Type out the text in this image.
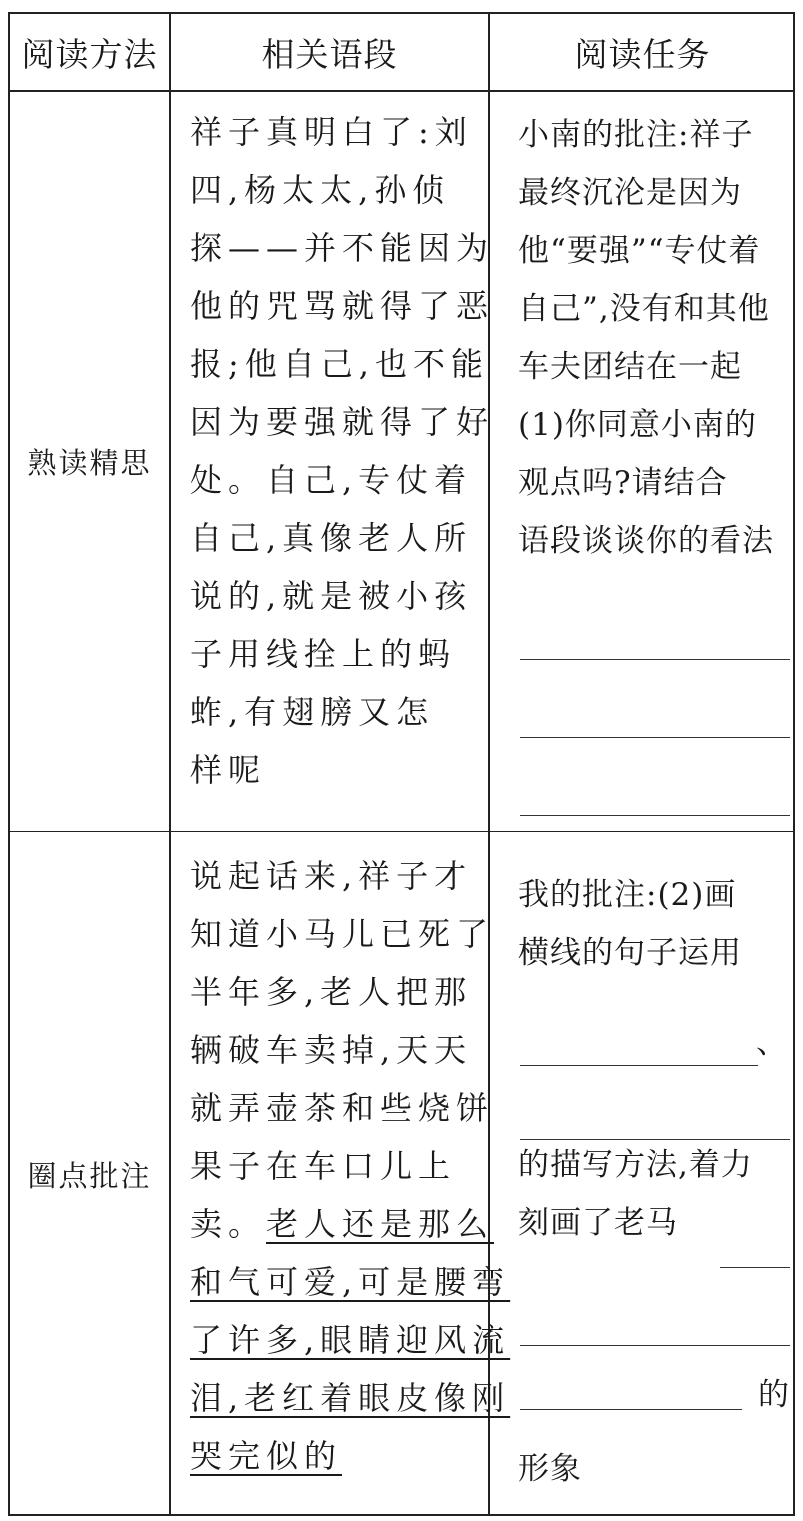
阅读方法	相关语段	阅读任务
熟读精思
祥子真明白了:刘
四,杨太太,孙侦
探——并不能因为
他的咒骂就得了恶
报;他自己,也不能
因为要强就得了好
处。自己,专仗着
自己,真像老人所
说的,就是被小孩
子用线拴上的蚂
蚱,有翅膀又怎
样呢
小南的批注:祥子
最终沉沦是因为
他“要强”“专仗着
自己”,没有和其他
车夫团结在一起
(1)你同意小南的
观点吗?请结合
语段谈谈你的看法
圈点批注
说起话来,祥子才
知道小马儿已死了
半年多,老人把那
辆破车卖掉,天天
就弄壶茶和些烧饼
果子在车口儿上
卖。老人还是那么
和气可爱,可是腰弯
了许多,眼睛迎风流
泪,老红着眼皮像刚
哭完似的
我的批注:(2)画
横线的句子运用
、
的描写方法,着力
刻画了老马
的
形象
